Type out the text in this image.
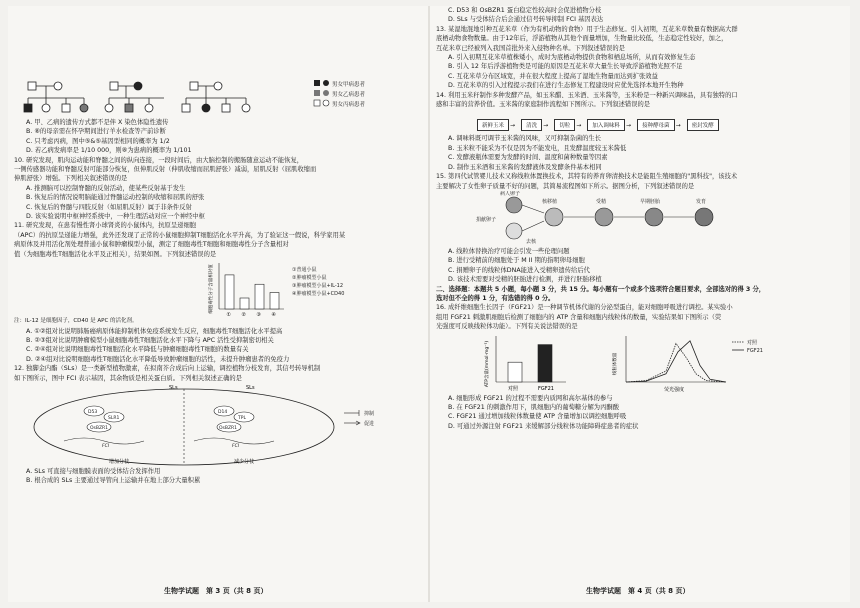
男女甲病患者
男女乙病患者
男女丙病患者

A. 甲、乙病的遗传方式都不是伴 X 染色体隐性遗传

B. ⑧的母亲需在怀孕期间进行羊水检查等产前诊断

C. 只考虑丙病，图中⑤&⑤基因型相同的概率为 1/2

D. 若乙病发病率是 1/10 000，则⑧为患病的概率为 1/101

10. 研究发现，肌肉运动能和脊髓之间的纵向连接，一段时间后，由大脑控制的搬肠随意运动不能恢复，

一侧传感器功能和脊髓反射可能部分恢复，但伸肌反射（伸肌收缩而屈肌舒张）减弱，屈肌反射（屈肌收缩而

伸肌舒张）增强。下列相关叙述错误的是

A. 推测脑可以控制脊髓的反射活动，使某些反射基于发生

B. 恢复后的情况说明脑能通过脊髓运动控制的收缩和屈肌的舒张

C. 恢复后的脊髓与四肢反射（如屈肌反射）属于非条件反射

D. 该实验说明中枢神经系统中，一种生理活动对应一个神经中枢

11. 研究发现，在患有慢性肾小球肾炎的小鼠体内，抗原呈递细胞

（APC）的抗原呈递能力增强，此外还发现了正常的小鼠细胞抑制T细胞活化水平升高，为了验证这一假说，科学家用某

病原体及并用活化剂处理普通小鼠和肿瘤模型小鼠，测定了细胞毒性T细胞和细胞毒性分子含量相对

值（为细胞毒性T细胞活化水平及正相关），结果如图。下列叙述错误的是

细胞毒性分子含量相对值
① ② ③ ④
①普通小鼠
②肿瘤模型小鼠
③肿瘤模型小鼠+IL-12
④肿瘤模型小鼠+CD40

注：IL-12 是细胞因子，CD40 是 APC 的活化剂。

A. ①②组对比说明肺肠癌病原体能抑制机体免疫系统发生反应，细胞毒性T细胞活化水平提高

B. ②③组对比说明肿瘤模型小鼠细胞毒性T细胞活化水平下降与 APC 活性受抑制密切相关

C. ②④组对比说明细胞毒性T细胞活化水平降低与肿瘤细胞毒性T细胞的数量有关

D. ②④组对比说明细胞毒性T细胞活化水平降低导致肿瘤细胞的活性，未提升肿瘤患者的免疫力

12. 独脚金内酯（SLs）是一类新型植物激素，在拟南芥合成后向上运输，调控植物分枝发育，其信号转导机制

如下图所示，图中 FCI 表示基因，其余物质是相关蛋白质。下列相关叙述正确的是

SLs	SLs
D53
SLR1
OsBZR1
D14
TPL
OsBZR1
FCI	FCI
增加分枝	减少分枝
抑制
促进

A. SLs 可直接与细胞膜表面的受体结合发挥作用

B. 根合成的 SLs 主要通过导管向上运输并在地上部分大量积累

生物学试题　第 3 页（共 8 页）

C. D53 和 OsBZR1 蛋白稳定性较高时会促进植物分枝

D. SLs 与受体结合后会通过信号转导抑制 FCI 基因表达

13. 某湿地混地引种互花米草（作为有机动物的食物）用于生态修复。引入初期，互花米草数量有数据高大群

底栖动物食物数量。由于12年后，浮游植物从其他个面量增加，生物量比较低，生态稳定性较好，加之，

互花米草已经被列入我国首批外来入侵物种名单。下列叙述错误的是

A. 引入初期互花米草植株矮小，成时为底栖动物提供食物和栖息场所，从而有效修复生态

B. 引入 12 年后浮游植物类是可能的原因是互花米草大量生长导致浮游植物光照不足

C. 互花米草分布区域宽，并在很大程度上提高了湿地生物量而达到扩张效益

D. 互花米草的引入过程提示我们在进行生态修复工程建设时应优先选择本地开生物种

14. 利用玉米秆制作多种发酵产品，如玉米醋、玉米酒、玉米酱等，玉米粉是一种新兴调味品，具有独特的口

感和丰富的营养价值。玉米酱的家庭制作流程如下图所示。下列叙述错误的是

新鲜玉米 → 清洗 → 切粒 → 加入调味料 → 接种酵母菌 → 密封发酵

A. 调味料既可调节玉米酱的风味，又可抑制杂菌的生长

B. 玉米粒不能采为不仅是因为不能发电，且发酵温度较玉米酱低

C. 发酵液瓶体需要为发酵的时间、温度和菌种数量等因素

D. 制作玉米酒和玉米酱的发酵液体及发酵条件基本相同

15. 第四代试管婴儿技术又称线粒体置换技术，其特有的养育卵清换技术是能阻生殖细胞的"黑科技"，该技术

主要解决了女性卵子质量不好的问题，其简易流程图如下所示。据图分析，下列叙述错误的是

病人卵子
捐献卵子
去核
核移植	受精	早期胚胎	发育

A. 线粒体替换治疗可能会引发一些伦理问题

B. 进行受精前的细胞处于 M II 期的指明卵母细胞

C. 捐赠卵子的线粒体DNA能进入受精卵遗传给后代

D. 该技术需要对受精的胚胎进行检测，并进行胚胎移植

二、选择题：本题共 5 小题，每小题 3 分，共 15 分。每小题有一个或多个选项符合题目要求，全部选对的得 3 分，

选对但不全的得 1 分，有选错的得 0 分。

16. 成纤维细胞生长因子（FGF21）是一种调节机体代谢的分泌型蛋白，能对细胞呼吸进行调控。某实验小

组用 FGF21 刺激肌细胞后检测了细胞内的 ATP 含量和细胞内线粒体的数量，实验结果如下图所示（荧

光强度可反映线粒体功能）。下列有关说法错误的是

ATP含量(mmol·mg⁻¹)
对照	FGF21
线粒体数量
荧光强度
对照
FGF21

A. 细胞形成 FGF21 的过程不需要内质网和高尔基体的参与

B. 在 FGF21 的刺激作用下，肌细胞内的葡萄糖分解为丙酮酸

C. FGF21 通过增加线粒体数量使 ATP 含量增加以调控细胞呼吸

D. 可通过外源注射 FGF21 来缓解部分线粒体功能障碍症患者的症状

生物学试题　第 4 页（共 8 页）
